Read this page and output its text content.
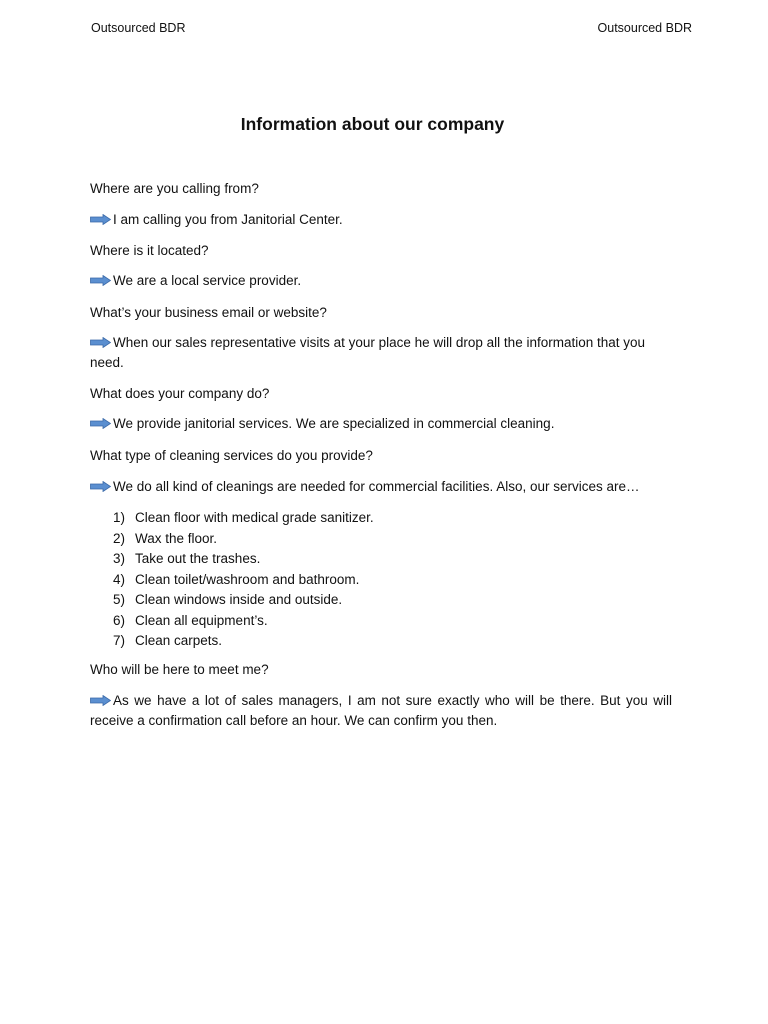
Outsourced BDR	Outsourced BDR
Information about our company
Where are you calling from?
I am calling you from Janitorial Center.
Where is it located?
We are a local service provider.
What’s your business email or website?
When our sales representative visits at your place he will drop all the information that you need.
What does your company do?
We provide janitorial services. We are specialized in commercial cleaning.
What type of cleaning services do you provide?
We do all kind of cleanings are needed for commercial facilities. Also, our services are…
1) Clean floor with medical grade sanitizer.
2) Wax the floor.
3) Take out the trashes.
4) Clean toilet/washroom and bathroom.
5) Clean windows inside and outside.
6) Clean all equipment’s.
7) Clean carpets.
Who will be here to meet me?
As we have a lot of sales managers, I am not sure exactly who will be there. But you will receive a confirmation call before an hour. We can confirm you then.
